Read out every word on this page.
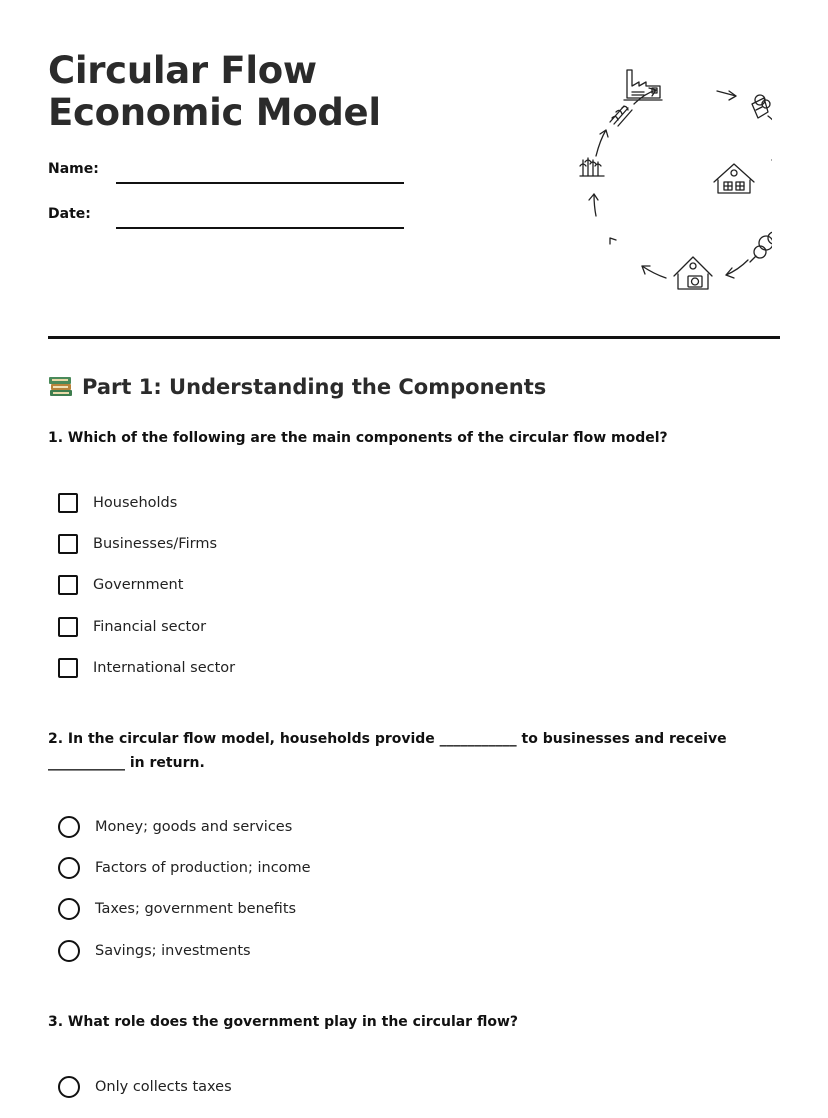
Circular Flow Economic Model
Name:
Date:
Part 1: Understanding the Components

1. Which of the following are the main components of the circular flow model?

Households
Businesses/Firms
Government
Financial sector
International sector

2. In the circular flow model, households provide ___________ to businesses and receive ___________ in return.

Money; goods and services
Factors of production; income
Taxes; government benefits
Savings; investments

3. What role does the government play in the circular flow?

Only collects taxes
